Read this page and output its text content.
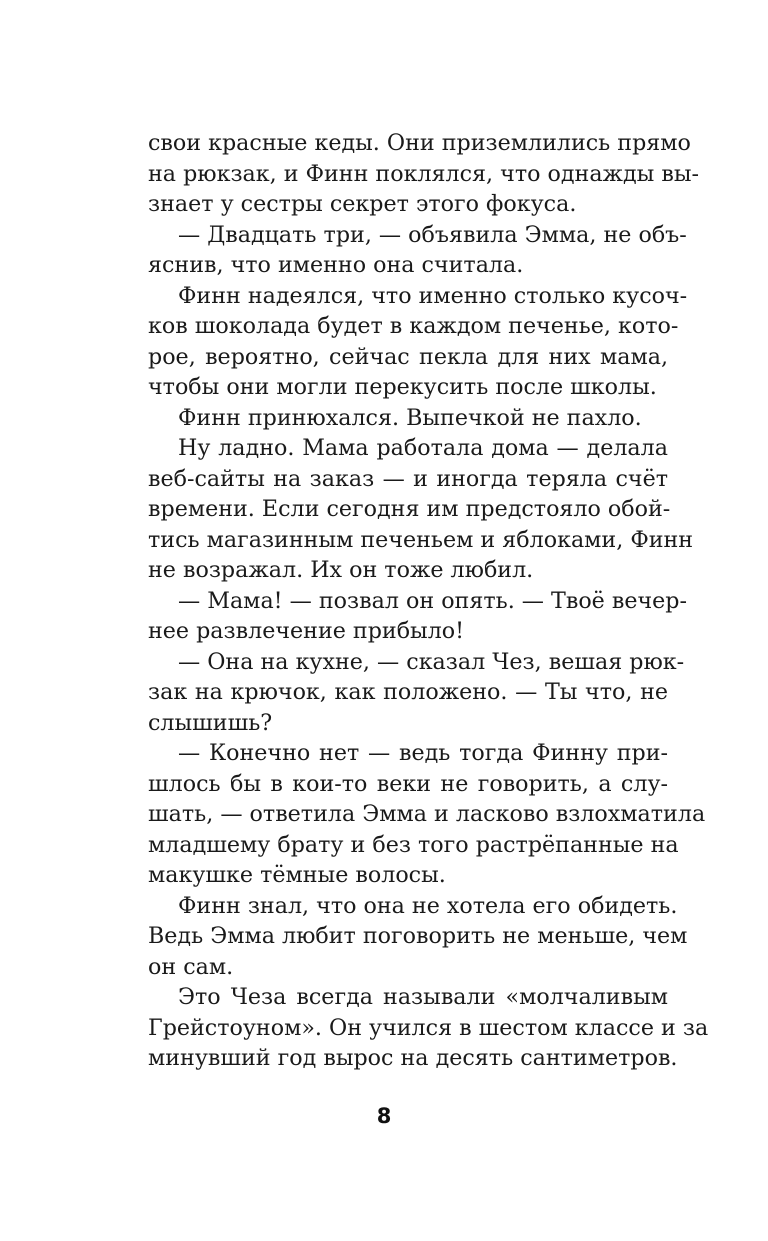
свои красные кеды. Они приземлились прямо
на рюкзак, и Финн поклялся, что однажды вы-
знает у сестры секрет этого фокуса.
— Двадцать три, — объявила Эмма, не объ-
яснив, что именно она считала.
Финн надеялся, что именно столько кусоч-
ков шоколада будет в каждом печенье, кото-
рое, вероятно, сейчас пекла для них мама,
чтобы они могли перекусить после школы.
Финн принюхался. Выпечкой не пахло.
Ну ладно. Мама работала дома — делала
веб-сайты на заказ — и иногда теряла счёт
времени. Если сегодня им предстояло обой-
тись магазинным печеньем и яблоками, Финн
не возражал. Их он тоже любил.
— Мама! — позвал он опять. — Твоё вечер-
нее развлечение прибыло!
— Она на кухне, — сказал Чез, вешая рюк-
зак на крючок, как положено. — Ты что, не
слышишь?
— Конечно нет — ведь тогда Финну при-
шлось бы в кои-то веки не говорить, а слу-
шать, — ответила Эмма и ласково взлохматила
младшему брату и без того растрёпанные на
макушке тёмные волосы.
Финн знал, что она не хотела его обидеть.
Ведь Эмма любит поговорить не меньше, чем
он сам.
Это Чеза всегда называли «молчаливым
Грейстоуном». Он учился в шестом классе и за
минувший год вырос на десять сантиметров.
8
